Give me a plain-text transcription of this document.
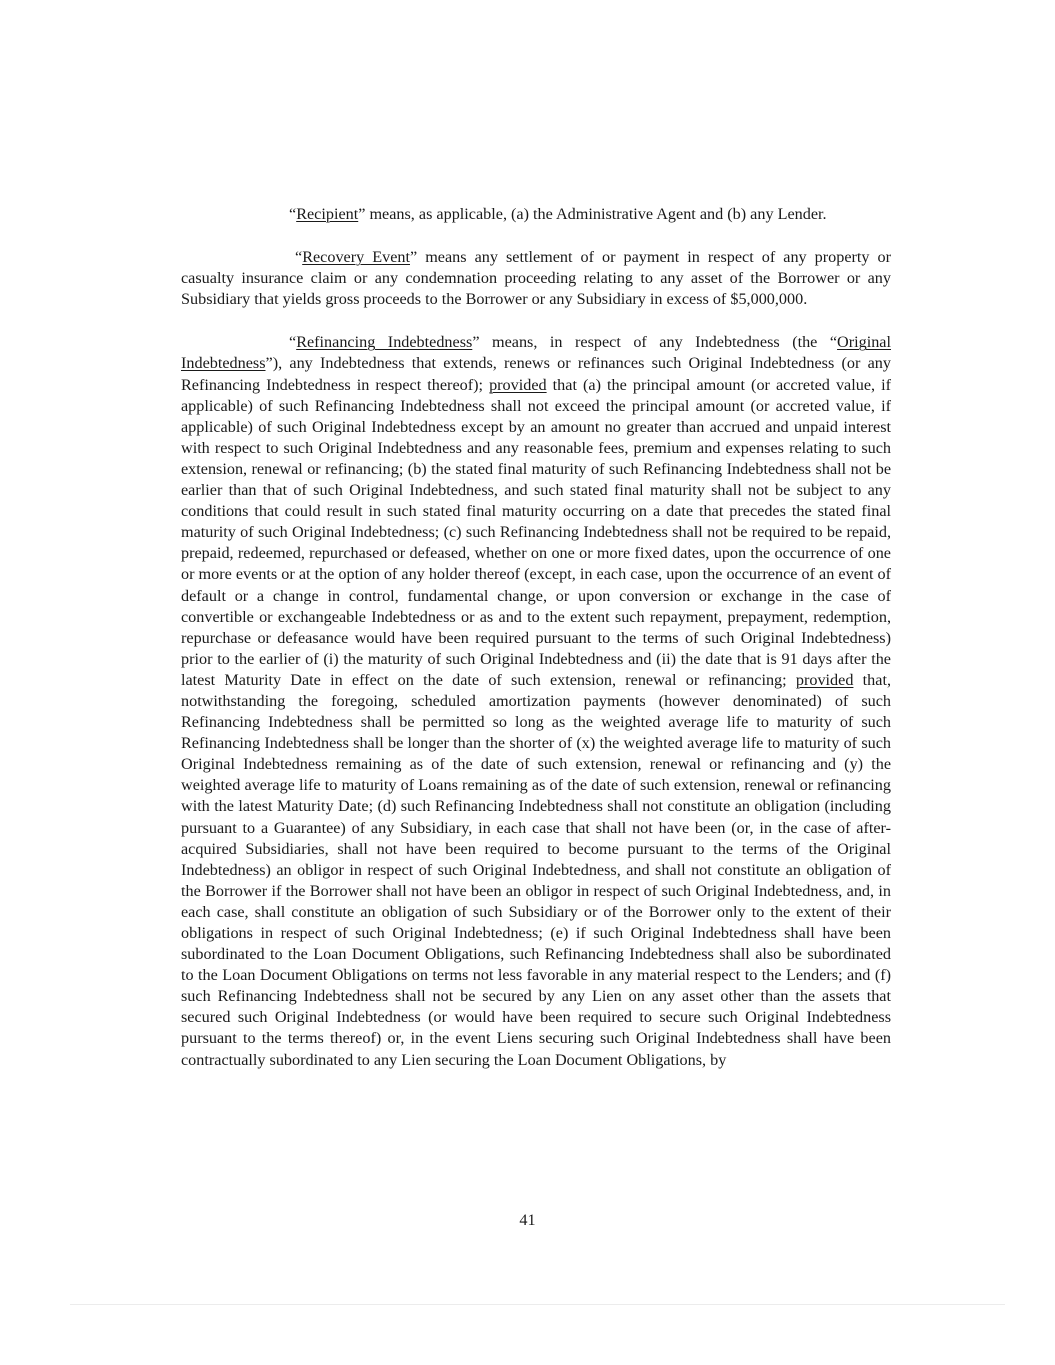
“Recipient” means, as applicable, (a) the Administrative Agent and (b) any Lender.

“Recovery Event” means any settlement of or payment in respect of any property or casualty insurance claim or any condemnation proceeding relating to any asset of the Borrower or any Subsidiary that yields gross proceeds to the Borrower or any Subsidiary in excess of $5,000,000.

“Refinancing Indebtedness” means, in respect of any Indebtedness (the “Original Indebtedness”), any Indebtedness that extends, renews or refinances such Original Indebtedness (or any Refinancing Indebtedness in respect thereof); provided that (a) the principal amount (or accreted value, if applicable) of such Refinancing Indebtedness shall not exceed the principal amount (or accreted value, if applicable) of such Original Indebtedness except by an amount no greater than accrued and unpaid interest with respect to such Original Indebtedness and any reasonable fees, premium and expenses relating to such extension, renewal or refinancing; (b) the stated final maturity of such Refinancing Indebtedness shall not be earlier than that of such Original Indebtedness, and such stated final maturity shall not be subject to any conditions that could result in such stated final maturity occurring on a date that precedes the stated final maturity of such Original Indebtedness; (c) such Refinancing Indebtedness shall not be required to be repaid, prepaid, redeemed, repurchased or defeased, whether on one or more fixed dates, upon the occurrence of one or more events or at the option of any holder thereof (except, in each case, upon the occurrence of an event of default or a change in control, fundamental change, or upon conversion or exchange in the case of convertible or exchangeable Indebtedness or as and to the extent such repayment, prepayment, redemption, repurchase or defeasance would have been required pursuant to the terms of such Original Indebtedness) prior to the earlier of (i) the maturity of such Original Indebtedness and (ii) the date that is 91 days after the latest Maturity Date in effect on the date of such extension, renewal or refinancing; provided that, notwithstanding the foregoing, scheduled amortization payments (however denominated) of such Refinancing Indebtedness shall be permitted so long as the weighted average life to maturity of such Refinancing Indebtedness shall be longer than the shorter of (x) the weighted average life to maturity of such Original Indebtedness remaining as of the date of such extension, renewal or refinancing and (y) the weighted average life to maturity of Loans remaining as of the date of such extension, renewal or refinancing with the latest Maturity Date; (d) such Refinancing Indebtedness shall not constitute an obligation (including pursuant to a Guarantee) of any Subsidiary, in each case that shall not have been (or, in the case of after-acquired Subsidiaries, shall not have been required to become pursuant to the terms of the Original Indebtedness) an obligor in respect of such Original Indebtedness, and shall not constitute an obligation of the Borrower if the Borrower shall not have been an obligor in respect of such Original Indebtedness, and, in each case, shall constitute an obligation of such Subsidiary or of the Borrower only to the extent of their obligations in respect of such Original Indebtedness; (e) if such Original Indebtedness shall have been subordinated to the Loan Document Obligations, such Refinancing Indebtedness shall also be subordinated to the Loan Document Obligations on terms not less favorable in any material respect to the Lenders; and (f) such Refinancing Indebtedness shall not be secured by any Lien on any asset other than the assets that secured such Original Indebtedness (or would have been required to secure such Original Indebtedness pursuant to the terms thereof) or, in the event Liens securing such Original Indebtedness shall have been contractually subordinated to any Lien securing the Loan Document Obligations, by

41
